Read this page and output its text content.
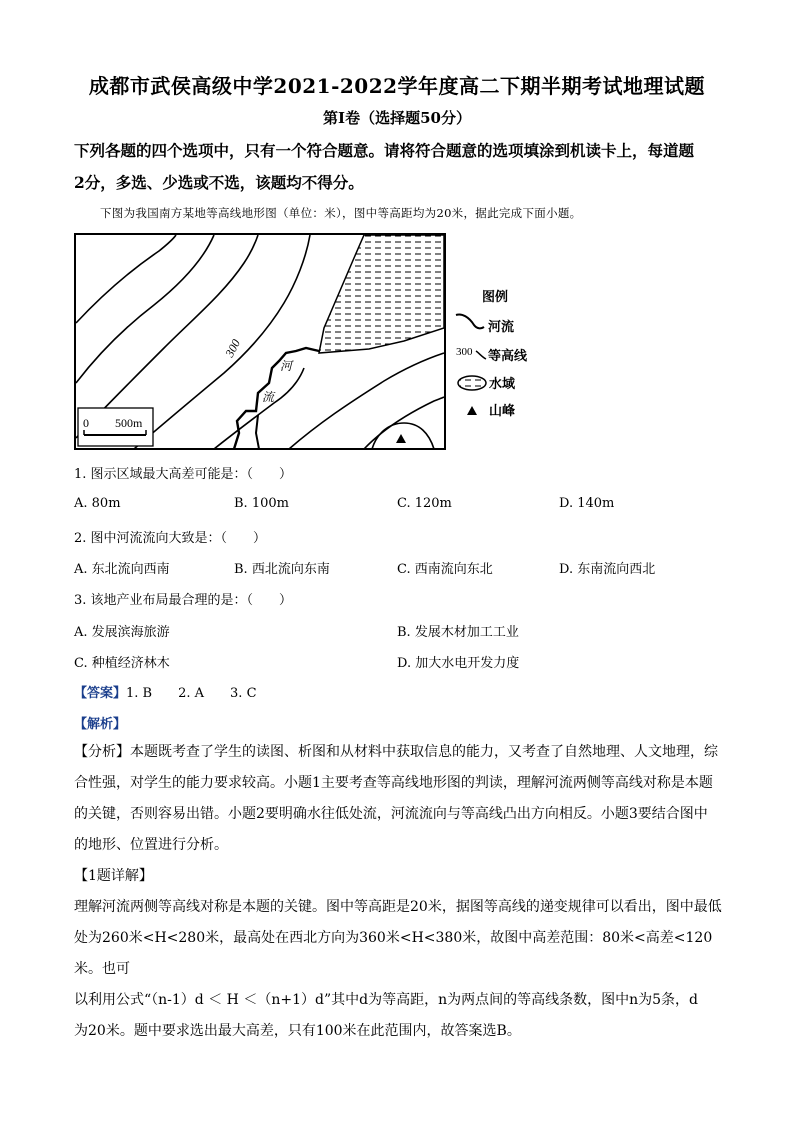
成都市武侯高级中学2021-2022学年度高二下期半期考试地理试题
第Ⅰ卷（选择题50分）
下列各题的四个选项中，只有一个符合题意。请将符合题意的选项填涂到机读卡上，每道题
2分，多选、少选或不选，该题均不得分。
下图为我国南方某地等高线地形图（单位：米），图中等高距均为20米，据此完成下面小题。
300
河
流
0 500m
图例
河流
300 等高线
水域
山峰
1. 图示区域最大高差可能是：（　　）
A. 80m	B. 100m	C. 120m	D. 140m
2. 图中河流流向大致是：（　　）
A. 东北流向西南	B. 西北流向东南	C. 西南流向东北	D. 东南流向西北
3. 该地产业布局最合理的是：（　　）
A. 发展滨海旅游	B. 发展木材加工工业
C. 种植经济林木	D. 加大水电开发力度
【答案】1. B　　2. A　　3. C
【解析】
【分析】本题既考查了学生的读图、析图和从材料中获取信息的能力，又考查了自然地理、人文地理，综
合性强，对学生的能力要求较高。小题1主要考查等高线地形图的判读，理解河流两侧等高线对称是本题
的关键，否则容易出错。小题2要明确水往低处流，河流流向与等高线凸出方向相反。小题3要结合图中
的地形、位置进行分析。
【1题详解】
理解河流两侧等高线对称是本题的关键。图中等高距是20米，据图等高线的递变规律可以看出，图中最低
处为260米<H<280米，最高处在西北方向为360米<H<380米，故图中高差范围：80米<高差<120米。也可
以利用公式“（n-1）d ＜ H ＜（n+1）d”其中d为等高距，n为两点间的等高线条数，图中n为5条，d
为20米。题中要求选出最大高差，只有100米在此范围内，故答案选B。
